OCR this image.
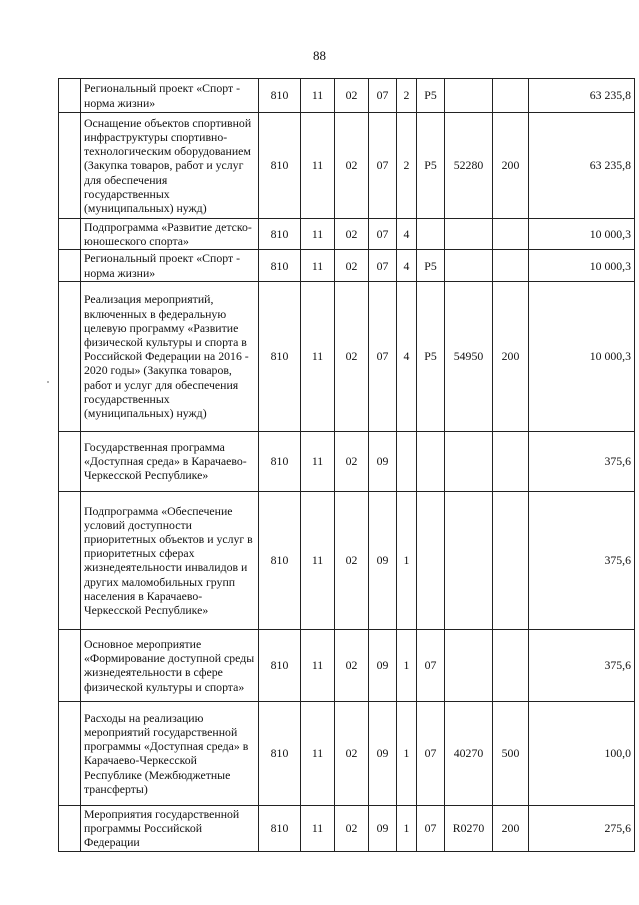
88
	Региональный проект «Спорт - норма жизни»	810	11	02	07	2	P5			63 235,8
	Оснащение объектов спортивной инфраструктуры спортивно-технологическим оборудованием (Закупка товаров, работ и услуг для обеспечения государственных (муниципальных) нужд)	810	11	02	07	2	P5	52280	200	63 235,8
	Подпрограмма «Развитие детско-юношеского спорта»	810	11	02	07	4				10 000,3
	Региональный проект «Спорт - норма жизни»	810	11	02	07	4	P5			10 000,3
	Реализация мероприятий, включенных в федеральную целевую программу «Развитие физической культуры и спорта в Российской Федерации на 2016 - 2020 годы» (Закупка товаров, работ и услуг для обеспечения государственных (муниципальных) нужд)	810	11	02	07	4	P5	54950	200	10 000,3
	Государственная программа «Доступная среда» в Карачаево-Черкесской Республике»	810	11	02	09					375,6
	Подпрограмма «Обеспечение условий доступности приоритетных объектов и услуг в приоритетных сферах жизнедеятельности инвалидов и других маломобильных групп населения в Карачаево-Черкесской Республике»	810	11	02	09	1				375,6
	Основное мероприятие «Формирование доступной среды жизнедеятельности в сфере физической культуры и спорта»	810	11	02	09	1	07			375,6
	Расходы на реализацию мероприятий государственной программы «Доступная среда» в Карачаево-Черкесской Республике (Межбюджетные трансферты)	810	11	02	09	1	07	40270	500	100,0
	Мероприятия государственной программы Российской Федерации	810	11	02	09	1	07	R0270	200	275,6
